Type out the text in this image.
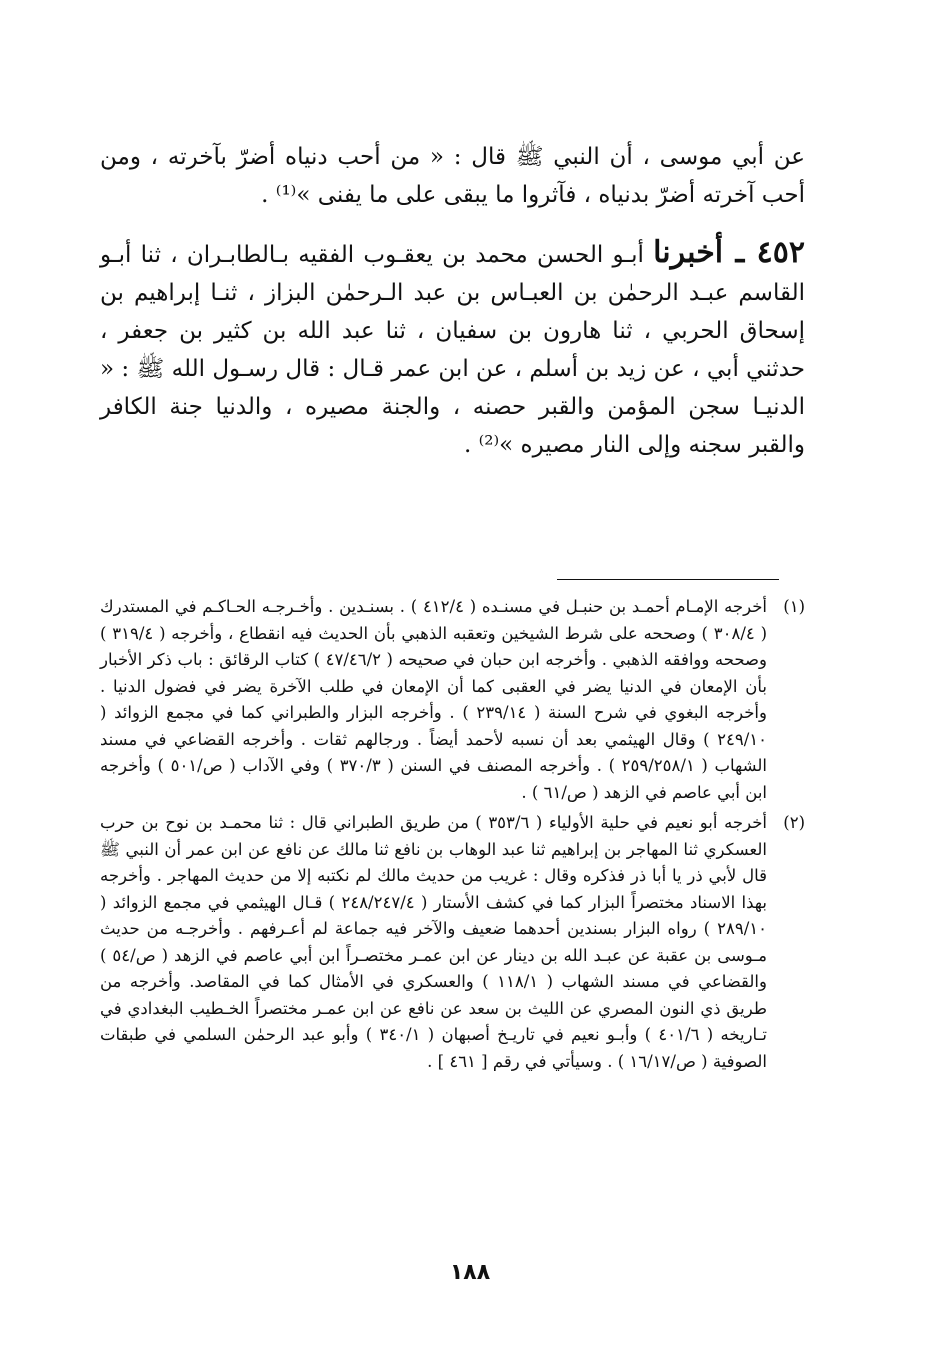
عن أبي موسى ، أن النبي ﷺ قال : « من أحب دنياه أضرّ بآخرته ، ومن أحب آخرته أضرّ بدنياه ، فآثروا ما يبقى على ما يفنى »⁽¹⁾ .

٤٥٢ ـ أخبرنا أبـو الحسن محمد بن يعقـوب الفقيه بـالطابـران ، ثنا أبـو القاسم عبـد الرحمٰن بن العبـاس بن عبد الـرحمٰن البزاز ، ثنـا إبراهيم بن إسحاق الحربي ، ثنا هارون بن سفيان ، ثنا عبد الله بن كثير بن جعفر ، حدثني أبي ، عن زيد بن أسلم ، عن ابن عمر قـال : قال رسـول الله ﷺ : « الدنيـا سجن المؤمن والقبر حصنه ، والجنة مصيره ، والدنيا جنة الكافر والقبر سجنه وإلى النار مصيره »⁽²⁾ .

(١)
أخرجه الإمـام أحمـد بن حنبـل في مسنـده ( ٤١٢/٤ ) . بسنـدين . وأخـرجـه الحـاكـم في المستدرك ( ٣٠٨/٤ ) وصححه على شرط الشيخين وتعقبه الذهبي بأن الحديث فيه انقطاع ، وأخرجه ( ٣١٩/٤ ) وصححه ووافقه الذهبي . وأخرجه ابن حبان في صحيحه ( ٤٧/٤٦/٢ ) كتاب الرقائق : باب ذكر الأخبار بأن الإمعان في الدنيا يضر في العقبى كما أن الإمعان في طلب الآخرة يضر في فضول الدنيا . وأخرجه البغوي في شرح السنة ( ٢٣٩/١٤ ) . وأخرجه البزار والطبراني كما في مجمع الزوائد ( ٢٤٩/١٠ ) وقال الهيثمي بعد أن نسبه لأحمد أيضاً . ورجالهم ثقات . وأخرجه القضاعي في مسند الشهاب ( ٢٥٩/٢٥٨/١ ) . وأخرجه المصنف في السنن ( ٣٧٠/٣ ) وفي الآداب ( ص/٥٠١ ) وأخرجه ابن أبي عاصم في الزهد ( ص/٦١ ) .
(٢)
أخرجه أبو نعيم في حلية الأولياء ( ٣٥٣/٦ ) من طريق الطبراني قال : ثنا محمـد بن نوح بن حرب العسكري ثنا المهاجر بن إبراهيم ثنا عبد الوهاب بن نافع ثنا مالك عن نافع عن ابن عمر أن النبي ﷺ قال لأبي ذر يا أبا ذر فذكره وقال : غريب من حديث مالك لم نكتبه إلا من حديث المهاجر . وأخرجه بهذا الاسناد مختصراً البزار كما في كشف الأستار ( ٢٤٨/٢٤٧/٤ ) قـال الهيثمي في مجمع الزوائد ( ٢٨٩/١٠ ) رواه البزار بسندين أحدهما ضعيف والآخر فيه جماعة لم أعـرفهم . وأخرجـه من حديث مـوسى بن عقبة عن عبـد الله بن دينار عن ابن عمـر مختصـراً ابن أبي عاصم في الزهد ( ص/٥٤ ) والقضاعي في مسند الشهاب ( ١١٨/١ ) والعسكري في الأمثال كما في المقاصد. وأخرجه من طريق ذي النون المصري عن الليث بن سعد عن نافع عن ابن عمـر مختصراً الخـطيب البغدادي في تـاريخه ( ٤٠١/٦ ) وأبـو نعيم في تاريـخ أصبهان ( ٣٤٠/١ ) وأبو عبد الرحمٰن السلمي في طبقات الصوفية ( ص/١٦/١٧ ) . وسيأتي في رقم [ ٤٦١ ] .
١٨٨
